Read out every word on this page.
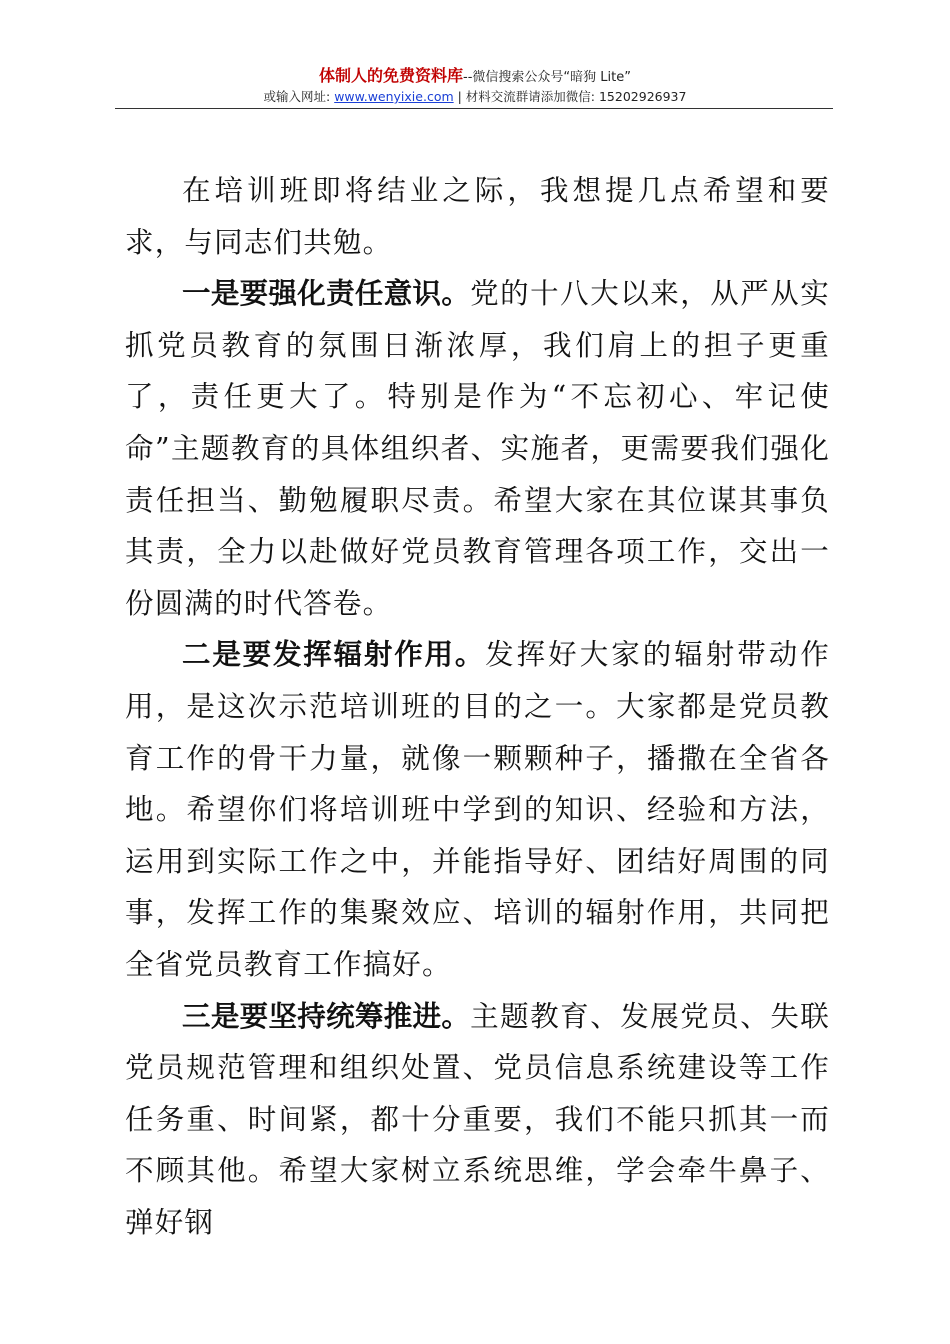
体制人的免费资料库--微信搜索公众号“暗狗 Lite”
或输入网址: www.wenyixie.com | 材料交流群请添加微信: 15202926937

在培训班即将结业之际，我想提几点希望和要求，与同志们共勉。

一是要强化责任意识。党的十八大以来，从严从实抓党员教育的氛围日渐浓厚，我们肩上的担子更重了，责任更大了。特别是作为“不忘初心、牢记使命”主题教育的具体组织者、实施者，更需要我们强化责任担当、勤勉履职尽责。希望大家在其位谋其事负其责，全力以赴做好党员教育管理各项工作，交出一份圆满的时代答卷。

二是要发挥辐射作用。发挥好大家的辐射带动作用，是这次示范培训班的目的之一。大家都是党员教育工作的骨干力量，就像一颗颗种子，播撒在全省各地。希望你们将培训班中学到的知识、经验和方法，运用到实际工作之中，并能指导好、团结好周围的同事，发挥工作的集聚效应、培训的辐射作用，共同把全省党员教育工作搞好。

三是要坚持统筹推进。主题教育、发展党员、失联党员规范管理和组织处置、党员信息系统建设等工作任务重、时间紧，都十分重要，我们不能只抓其一而不顾其他。希望大家树立系统思维，学会牵牛鼻子、弹好钢
